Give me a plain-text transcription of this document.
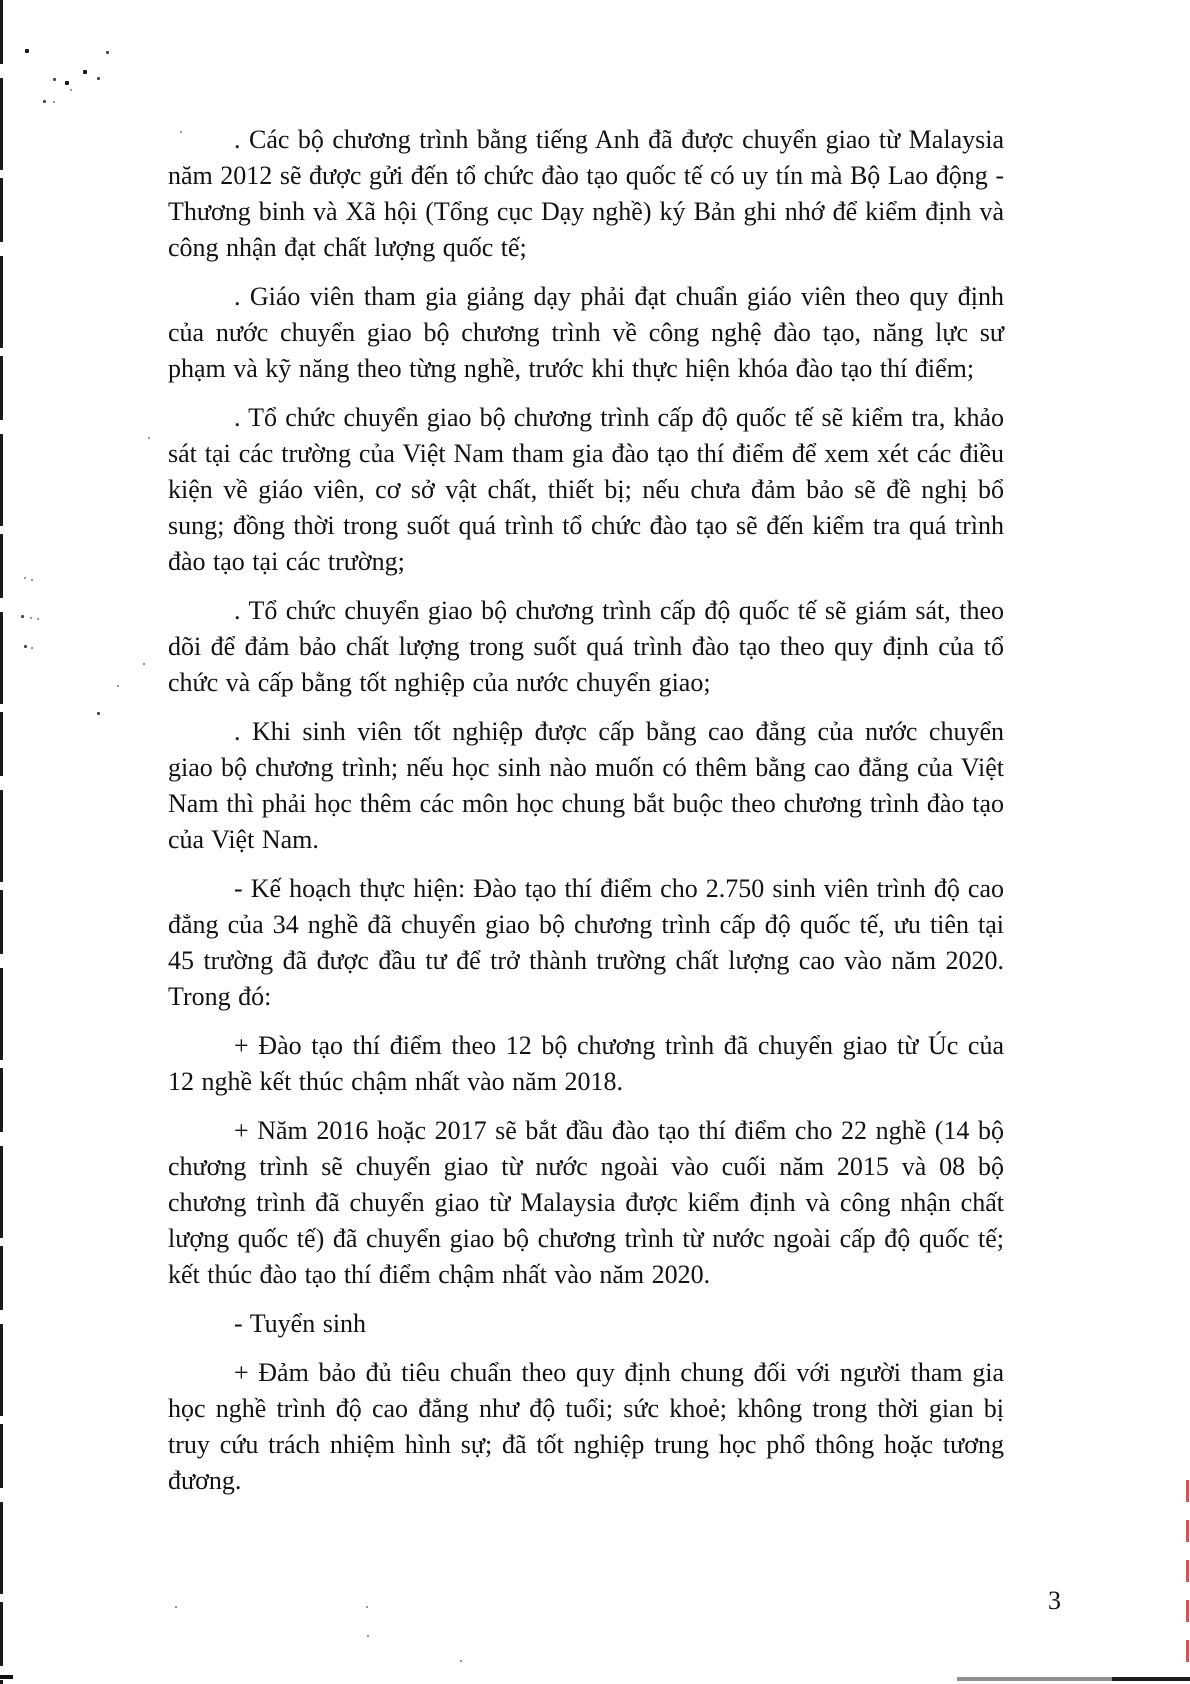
. Các bộ chương trình bằng tiếng Anh đã được chuyển giao từ Malaysia năm 2012 sẽ được gửi đến tổ chức đào tạo quốc tế có uy tín mà Bộ Lao động - Thương binh và Xã hội (Tổng cục Dạy nghề) ký Bản ghi nhớ để kiểm định và công nhận đạt chất lượng quốc tế;

. Giáo viên tham gia giảng dạy phải đạt chuẩn giáo viên theo quy định của nước chuyển giao bộ chương trình về công nghệ đào tạo, năng lực sư phạm và kỹ năng theo từng nghề, trước khi thực hiện khóa đào tạo thí điểm;

. Tổ chức chuyển giao bộ chương trình cấp độ quốc tế sẽ kiểm tra, khảo sát tại các trường của Việt Nam tham gia đào tạo thí điểm để xem xét các điều kiện về giáo viên, cơ sở vật chất, thiết bị; nếu chưa đảm bảo sẽ đề nghị bổ sung; đồng thời trong suốt quá trình tổ chức đào tạo sẽ đến kiểm tra quá trình đào tạo tại các trường;

. Tổ chức chuyển giao bộ chương trình cấp độ quốc tế sẽ giám sát, theo dõi để đảm bảo chất lượng trong suốt quá trình đào tạo theo quy định của tổ chức và cấp bằng tốt nghiệp của nước chuyển giao;

. Khi sinh viên tốt nghiệp được cấp bằng cao đẳng của nước chuyển giao bộ chương trình; nếu học sinh nào muốn có thêm bằng cao đẳng của Việt Nam thì phải học thêm các môn học chung bắt buộc theo chương trình đào tạo của Việt Nam.

- Kế hoạch thực hiện: Đào tạo thí điểm cho 2.750 sinh viên trình độ cao đẳng của 34 nghề đã chuyển giao bộ chương trình cấp độ quốc tế, ưu tiên tại 45 trường đã được đầu tư để trở thành trường chất lượng cao vào năm 2020. Trong đó:

+ Đào tạo thí điểm theo 12 bộ chương trình đã chuyển giao từ Úc của 12 nghề kết thúc chậm nhất vào năm 2018.

+ Năm 2016 hoặc 2017 sẽ bắt đầu đào tạo thí điểm cho 22 nghề (14 bộ chương trình sẽ chuyển giao từ nước ngoài vào cuối năm 2015 và 08 bộ chương trình đã chuyển giao từ Malaysia được kiểm định và công nhận chất lượng quốc tế) đã chuyển giao bộ chương trình từ nước ngoài cấp độ quốc tế; kết thúc đào tạo thí điểm chậm nhất vào năm 2020.

- Tuyển sinh

+ Đảm bảo đủ tiêu chuẩn theo quy định chung đối với người tham gia học nghề trình độ cao đẳng như độ tuổi; sức khoẻ; không trong thời gian bị truy cứu trách nhiệm hình sự; đã tốt nghiệp trung học phổ thông hoặc tương đương.

3
